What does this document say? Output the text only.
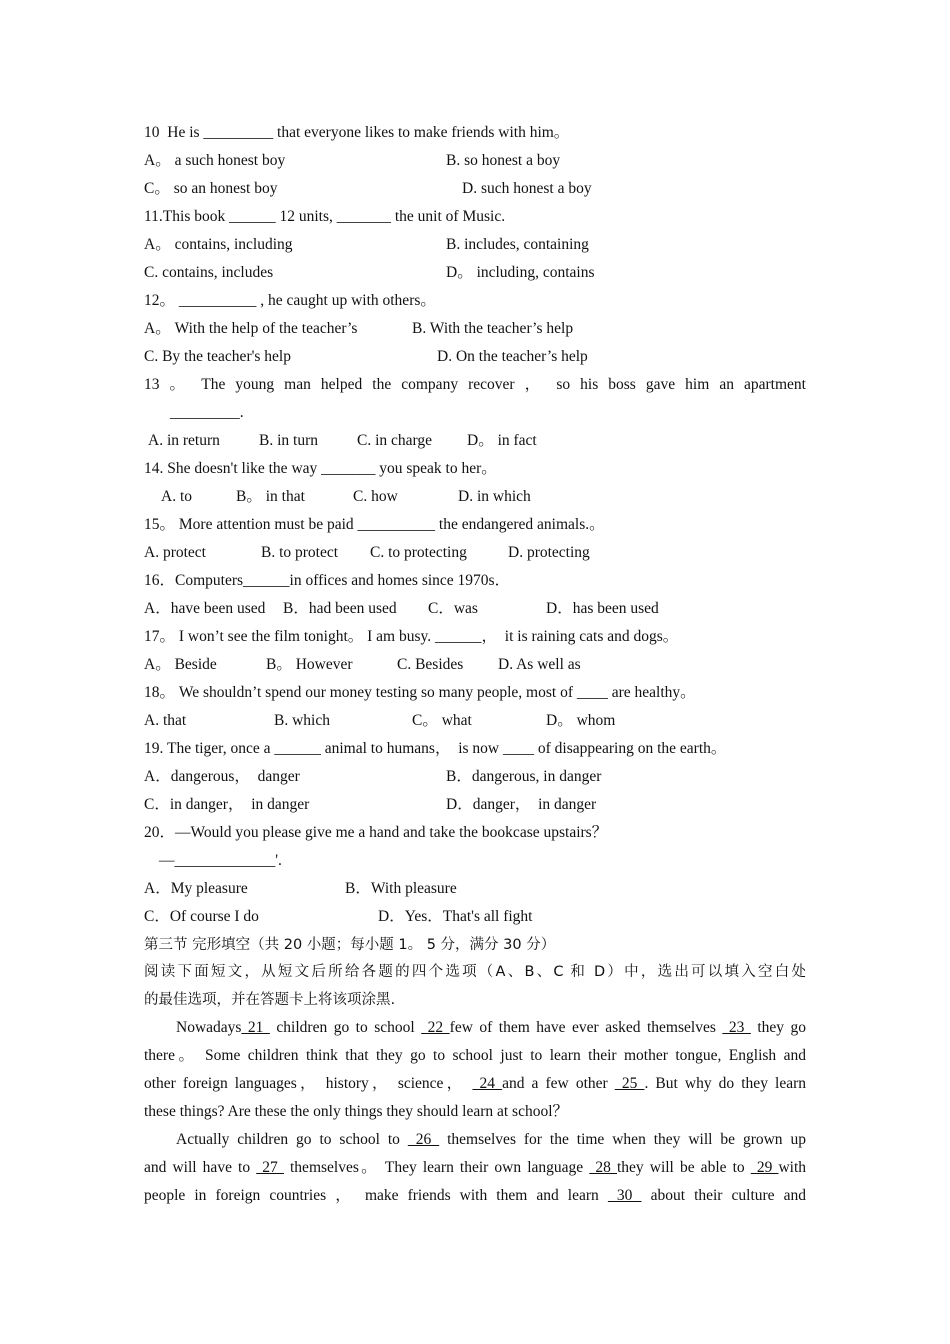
10  He is _________ that everyone likes to make friends with him。
A。 a such honest boy	B. so honest a boy
C。 so an honest boy	D. such honest a boy
11.This book ______ 12 units, _______ the unit of Music.
A。 contains, including	B. includes, containing
C. contains, includes	D。 including, contains
12。 __________ , he caught up with others。
A。 With the help of the teacher’s	B. With the teacher’s help
C. By the teacher's help	D. On the teacher’s help
13 。 The young man helped the company recover ， so his boss gave him an apartment
_________.
A. in return	B. in turn	C. in charge D。 in fact
14. She doesn't like the way _______ you speak to her。
A. to	B。 in that	C. how	D. in which
15。 More attention must be paid __________ the endangered animals.。
A. protect	B. to protect C. to protecting	D. protecting
16．Computers______in offices and homes since 1970s．
A．have been used B．had been used C．was	D．has been used
17。 I won’t see the film tonight。 I am busy. ______，  it is raining cats and dogs。
A。 Beside	B。 However	C. Besides D. As well as
18。 We shouldn’t spend our money testing so many people, most of ____ are healthy。
A. that	B. which	C。 what	D。 whom
19. The tiger, once a ______ animal to humans，  is now ____ of disappearing on the earth。
A．dangerous，  danger	B．dangerous, in danger
C．in danger，  in danger	D．danger，  in danger
20．—Would you please give me a hand and take the bookcase upstairs？
—_____________'.
A．My pleasure	B．With pleasure
C．Of course I do	D．Yes．That's all fight
第三节 完形填空（共 20 小题；每小题 1。 5 分，满分 30 分）
阅读下面短文，从短文后所给各题的四个选项（A、B、C 和 D）中，选出可以填入空白处
的最佳选项，并在答题卡上将该项涂黑.
Nowadays 21  children go to school  22 few of them have ever asked themselves  23  they go
there。 Some children think that they go to school just to learn their mother tongue, English and
other foreign languages， history， science，  24 and a few other  25 . But why do they learn
these things? Are these the only things they should learn at school？
Actually children go to school to  26  themselves for the time when they will be grown up
and will have to  27  themselves。 They learn their own language  28 they will be able to  29 with
people in foreign countries ， make friends with them and learn  30  about their culture and
